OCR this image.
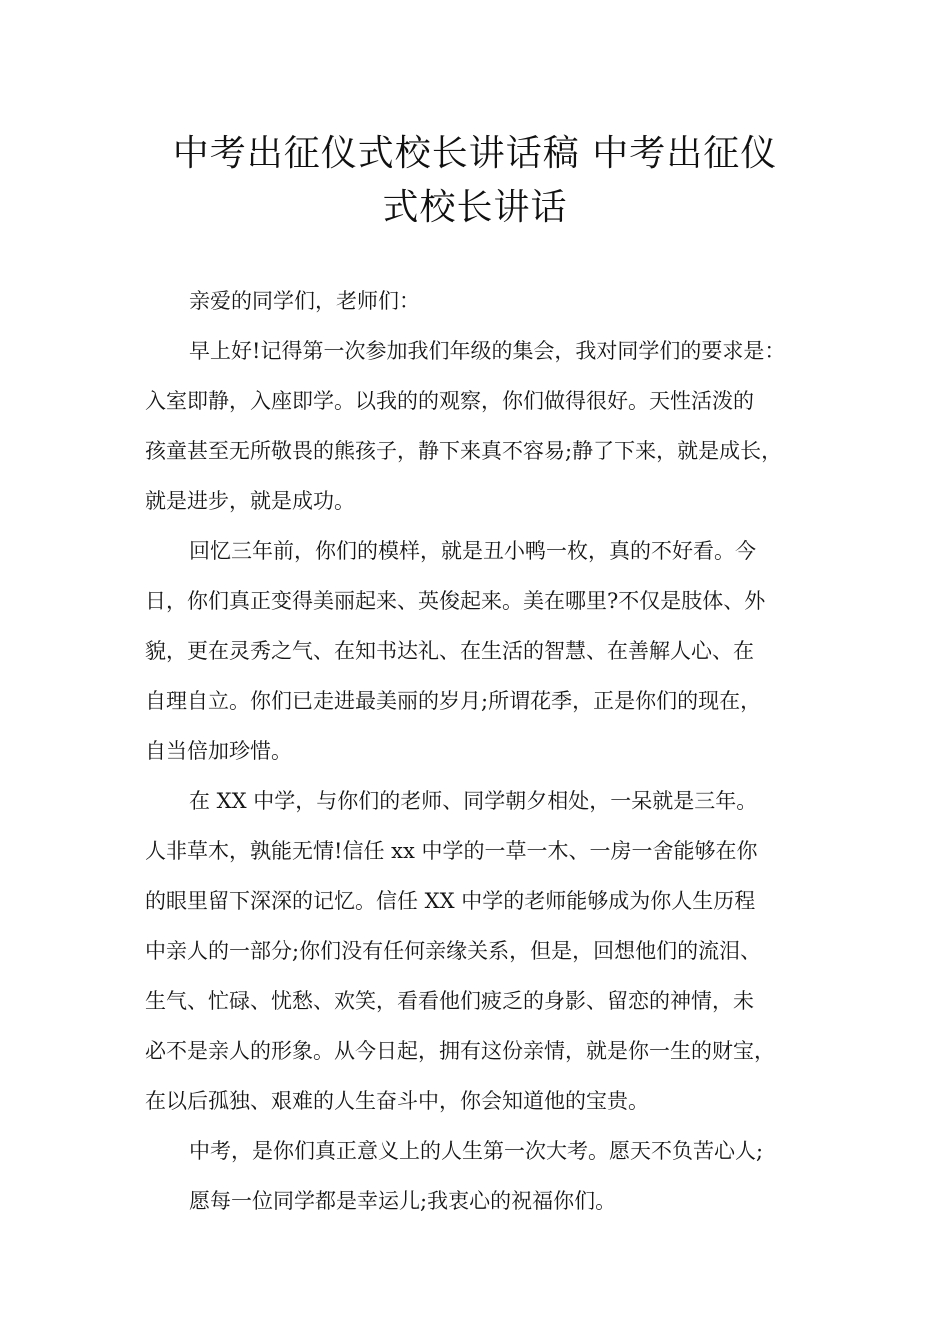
中考出征仪式校长讲话稿 中考出征仪
式校长讲话

亲爱的同学们，老师们：

早上好!记得第一次参加我们年级的集会，我对同学们的要求是：
入室即静，入座即学。以我的的观察，你们做得很好。天性活泼的
孩童甚至无所敬畏的熊孩子，静下来真不容易;静了下来，就是成长，
就是进步，就是成功。

回忆三年前，你们的模样，就是丑小鸭一枚，真的不好看。今
日，你们真正变得美丽起来、英俊起来。美在哪里?不仅是肢体、外
貌，更在灵秀之气、在知书达礼、在生活的智慧、在善解人心、在
自理自立。你们已走进最美丽的岁月;所谓花季，正是你们的现在，
自当倍加珍惜。

在 XX 中学，与你们的老师、同学朝夕相处，一呆就是三年。
人非草木，孰能无情!信任 xx 中学的一草一木、一房一舍能够在你
的眼里留下深深的记忆。信任 XX 中学的老师能够成为你人生历程
中亲人的一部分;你们没有任何亲缘关系，但是，回想他们的流泪、
生气、忙碌、忧愁、欢笑，看看他们疲乏的身影、留恋的神情，未
必不是亲人的形象。从今日起，拥有这份亲情，就是你一生的财宝，
在以后孤独、艰难的人生奋斗中，你会知道他的宝贵。

中考，是你们真正意义上的人生第一次大考。愿天不负苦心人;

愿每一位同学都是幸运儿;我衷心的祝福你们。
